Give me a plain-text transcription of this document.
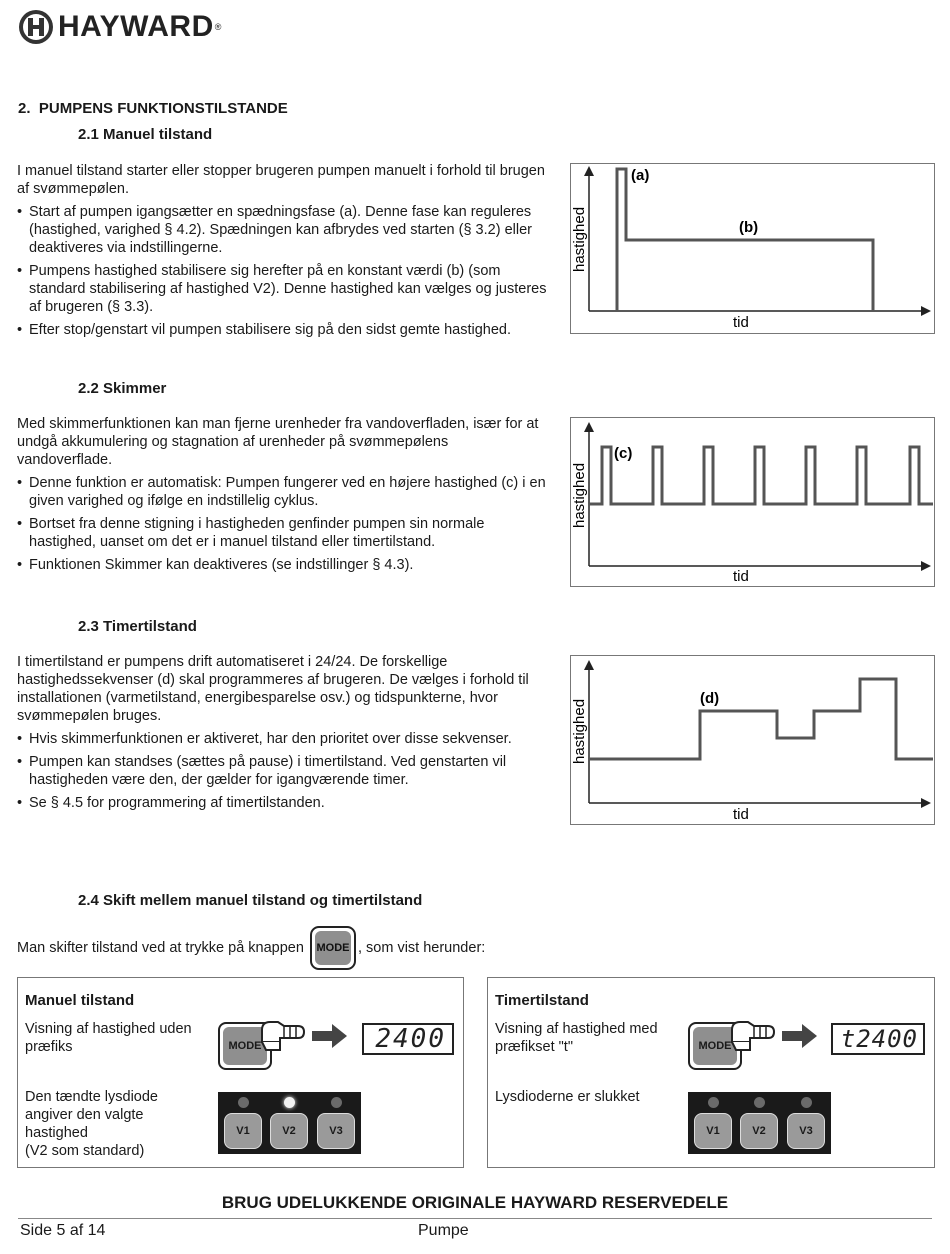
HAYWARD ®
2. PUMPENS FUNKTIONSTILSTANDE
2.1 Manuel tilstand
I manuel tilstand starter eller stopper brugeren pumpen manuelt i forhold til brugen af svømmepølen.
• Start af pumpen igangsætter en spædningsfase (a). Denne fase kan reguleres (hastighed, varighed § 4.2). Spædningen kan afbrydes ved starten (§ 3.2) eller deaktiveres via indstillingerne.
• Pumpens hastighed stabilisere sig herefter på en konstant værdi (b) (som standard stabilisering af hastighed V2). Denne hastighed kan vælges og justeres af brugeren (§ 3.3).
• Efter stop/genstart vil pumpen stabilisere sig på den sidst gemte hastighed.
(a)
(b)
tid
hastighed
2.2 Skimmer
Med skimmerfunktionen kan man fjerne urenheder fra vandoverfladen, især for at undgå akkumulering og stagnation af urenheder på svømmepølens vandoverflade.
• Denne funktion er automatisk: Pumpen fungerer ved en højere hastighed (c) i en given varighed og ifølge en indstillelig cyklus.
• Bortset fra denne stigning i hastigheden genfinder pumpen sin normale hastighed, uanset om det er i manuel tilstand eller timertilstand.
• Funktionen Skimmer kan deaktiveres (se indstillinger § 4.3).
(c)
tid
hastighed
2.3 Timertilstand
I timertilstand er pumpens drift automatiseret i 24/24. De forskellige hastighedssekvenser (d) skal programmeres af brugeren. De vælges i forhold til installationen (varmetilstand, energibesparelse osv.) og tidspunkterne, hvor svømmepølen bruges.
• Hvis skimmerfunktionen er aktiveret, har den prioritet over disse sekvenser.
• Pumpen kan standses (sættes på pause) i timertilstand. Ved genstarten vil hastigheden være den, der gælder for igangværende timer.
• Se § 4.5 for programmering af timertilstanden.
(d)
tid
hastighed
2.4 Skift mellem manuel tilstand og timertilstand
Man skifter tilstand ved at trykke på knappen MODE , som vist herunder:
Manuel tilstand
Visning af hastighed uden præfiks	MODE	2400
Den tændte lysdiode
angiver den valgte
hastighed
(V2 som standard)
V1	V2	V3
Timertilstand
Visning af hastighed med præfikset "t"	MODE	t2400
Lysdioderne er slukket
V1	V2	V3
BRUG UDELUKKENDE ORIGINALE HAYWARD RESERVEDELE
Side 5 af 14	Pumpe
